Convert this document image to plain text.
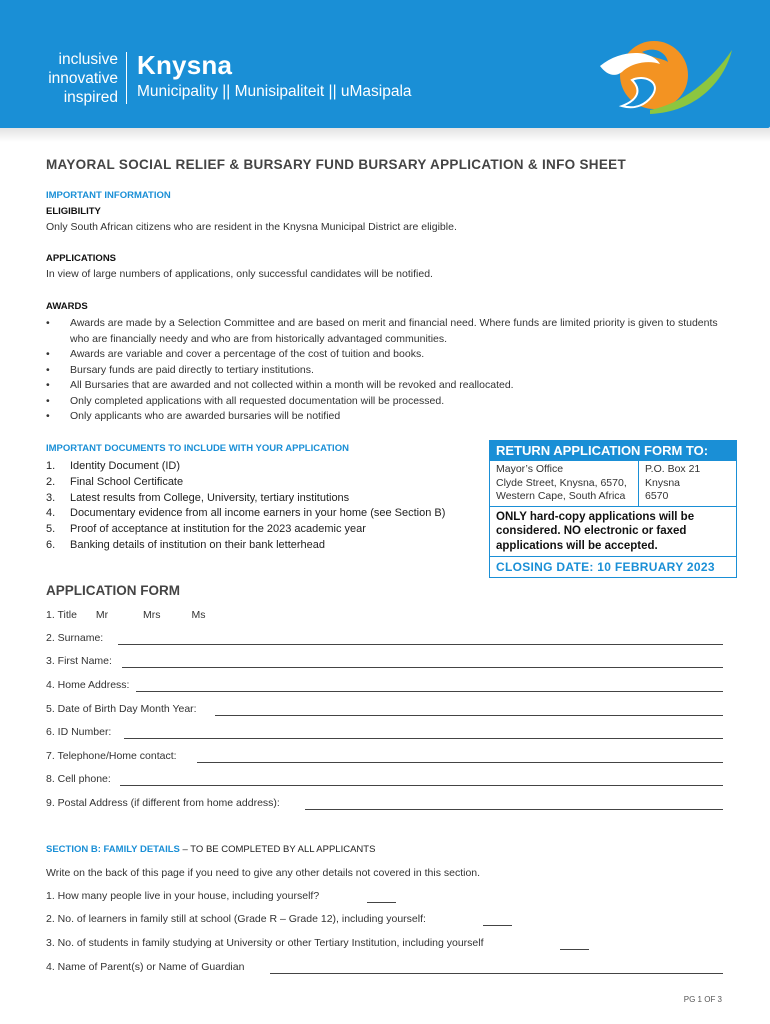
inclusive
innovative
inspired
Knysna
Municipality || Munisipaliteit || uMasipala
MAYORAL SOCIAL RELIEF & BURSARY FUND BURSARY APPLICATION & INFO SHEET
IMPORTANT INFORMATION
ELIGIBILITY
Only South African citizens who are resident in the Knysna Municipal District are eligible.
APPLICATIONS
In view of large numbers of applications, only successful candidates will be notified.
AWARDS
• Awards are made by a Selection Committee and are based on merit and financial need. Where funds are limited priority is given to students who are financially needy and who are from historically advantaged communities.
• Awards are variable and cover a percentage of the cost of tuition and books.
• Bursary funds are paid directly to tertiary institutions.
• All Bursaries that are awarded and not collected within a month will be revoked and reallocated.
• Only completed applications with all requested documentation will be processed.
• Only applicants who are awarded bursaries will be notified
IMPORTANT DOCUMENTS TO INCLUDE WITH YOUR APPLICATION
1. Identity Document (ID)
2. Final School Certificate
3. Latest results from College, University, tertiary institutions
4. Documentary evidence from all income earners in your home (see Section B)
5. Proof of acceptance at institution for the 2023 academic year
6. Banking details of institution on their bank letterhead
RETURN APPLICATION FORM TO:
Mayor’s Office
Clyde Street, Knysna, 6570,
Western Cape, South Africa
P.O. Box 21
Knysna
6570
ONLY hard-copy applications will be considered. NO electronic or faxed applications will be accepted.
CLOSING DATE: 10 FEBRUARY 2023
APPLICATION FORM
1. Title Mr	Mrs	Ms
2. Surname:
3. First Name:
4. Home Address:
5. Date of Birth Day Month Year:
6. ID Number:
7. Telephone/Home contact:
8. Cell phone:
9. Postal Address (if different from home address):
SECTION B: FAMILY DETAILS – TO BE COMPLETED BY ALL APPLICANTS
Write on the back of this page if you need to give any other details not covered in this section.
1. How many people live in your house, including yourself?
2. No. of learners in family still at school (Grade R – Grade 12), including yourself:
3. No. of students in family studying at University or other Tertiary Institution, including yourself
4. Name of Parent(s) or Name of Guardian
PG 1 OF 3
